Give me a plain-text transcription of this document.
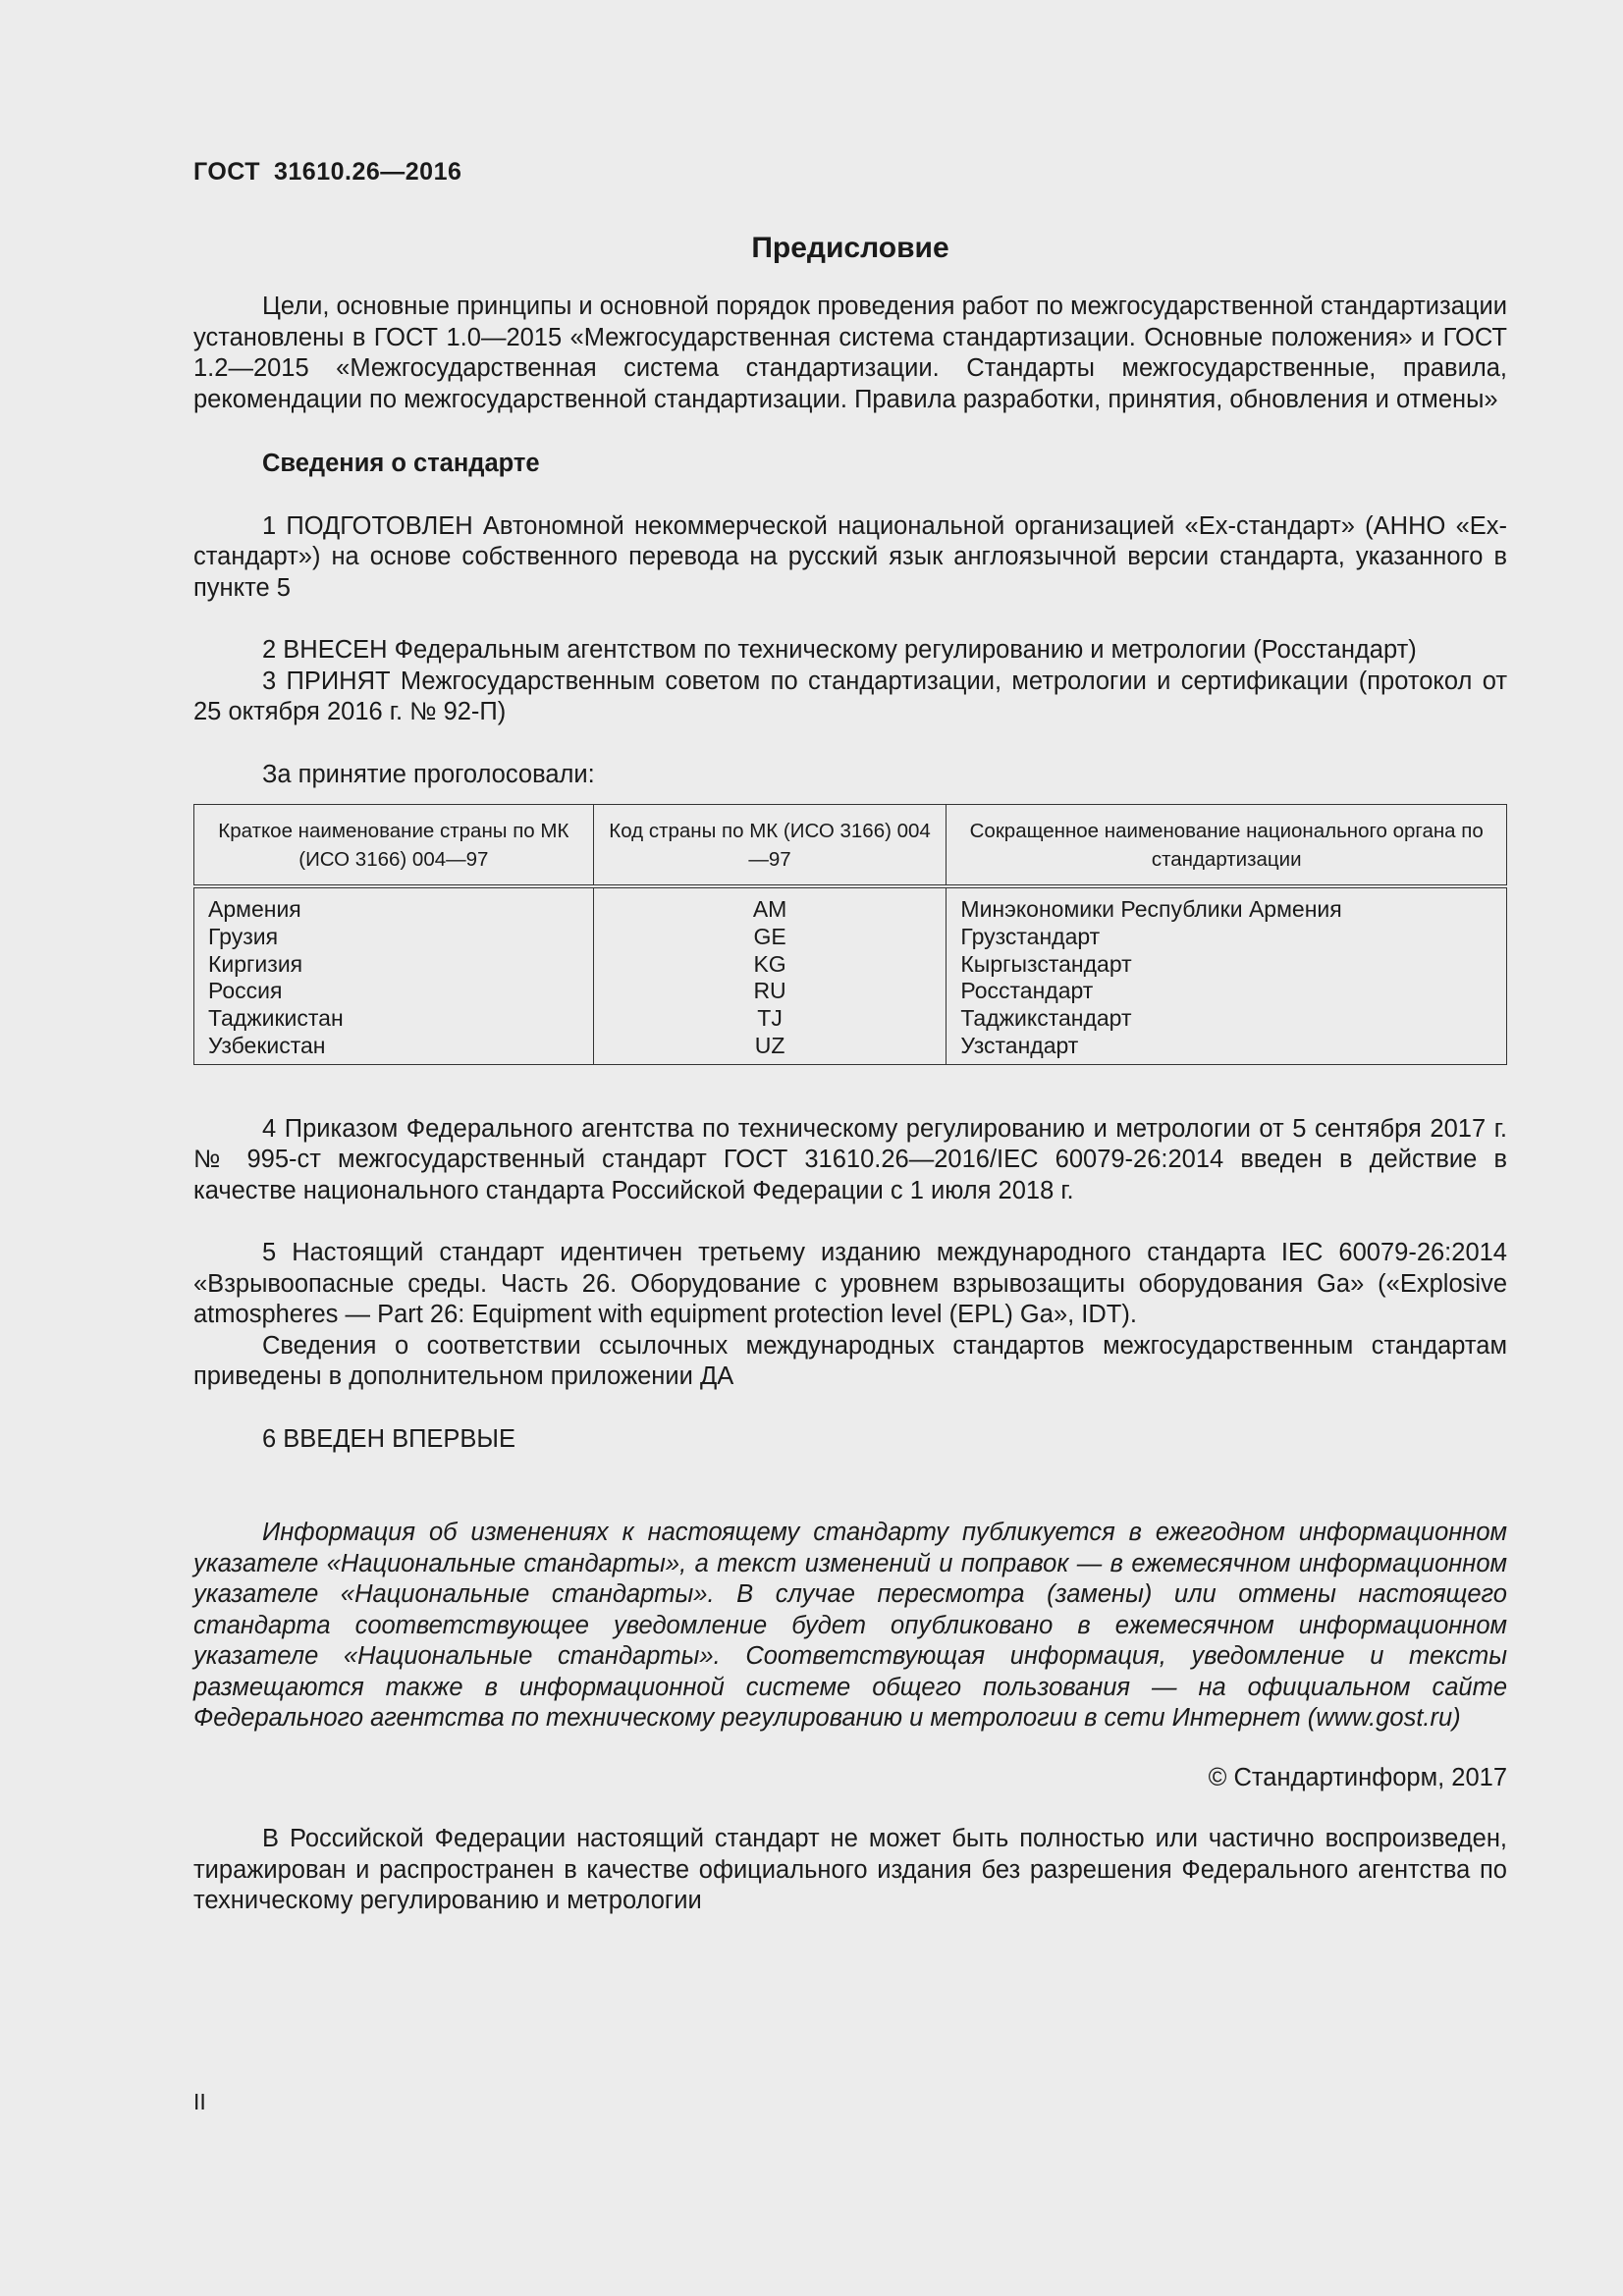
ГОСТ 31610.26—2016
Предисловие

Цели, основные принципы и основной порядок проведения работ по межгосударственной стандартизации установлены в ГОСТ 1.0—2015 «Межгосударственная система стандартизации. Основные положения» и ГОСТ 1.2—2015 «Межгосударственная система стандартизации. Стандарты межгосударственные, правила, рекомендации по межгосударственной стандартизации. Правила разработки, принятия, обновления и отмены»

Сведения о стандарте

1 ПОДГОТОВЛЕН Автономной некоммерческой национальной организацией «Ех-стандарт» (АННО «Ех-стандарт») на основе собственного перевода на русский язык англоязычной версии стандарта, указанного в пункте 5

2 ВНЕСЕН Федеральным агентством по техническому регулированию и метрологии (Росстандарт)

3 ПРИНЯТ Межгосударственным советом по стандартизации, метрологии и сертификации (протокол от 25 октября 2016 г. № 92-П)

За принятие проголосовали:

Краткое наименование страны по МК (ИСО 3166) 004—97	Код страны по МК (ИСО 3166) 004—97	Сокращенное наименование национального органа по стандартизации
Армения	AM	Минэкономики Республики Армения
Грузия	GE	Грузстандарт
Киргизия	KG	Кыргызстандарт
Россия	RU	Росстандарт
Таджикистан	TJ	Таджикстандарт
Узбекистан	UZ	Узстандарт

4 Приказом Федерального агентства по техническому регулированию и метрологии от 5 сентября 2017 г. № 995-ст межгосударственный стандарт ГОСТ 31610.26—2016/IEC 60079-26:2014 введен в действие в качестве национального стандарта Российской Федерации с 1 июля 2018 г.

5 Настоящий стандарт идентичен третьему изданию международного стандарта IEC 60079-26:2014 «Взрывоопасные среды. Часть 26. Оборудование с уровнем взрывозащиты оборудования Ga» («Explosive atmospheres — Part 26: Equipment with equipment protection level (EPL) Ga», IDT).

Сведения о соответствии ссылочных международных стандартов межгосударственным стандартам приведены в дополнительном приложении ДА

6 ВВЕДЕН ВПЕРВЫЕ

Информация об изменениях к настоящему стандарту публикуется в ежегодном информационном указателе «Национальные стандарты», а текст изменений и поправок — в ежемесячном информационном указателе «Национальные стандарты». В случае пересмотра (замены) или отмены настоящего стандарта соответствующее уведомление будет опубликовано в ежемесячном информационном указателе «Национальные стандарты». Соответствующая информация, уведомление и тексты размещаются также в информационной системе общего пользования — на официальном сайте Федерального агентства по техническому регулированию и метрологии в сети Интернет (www.gost.ru)

© Стандартинформ, 2017

В Российской Федерации настоящий стандарт не может быть полностью или частично воспроизведен, тиражирован и распространен в качестве официального издания без разрешения Федерального агентства по техническому регулированию и метрологии

II
